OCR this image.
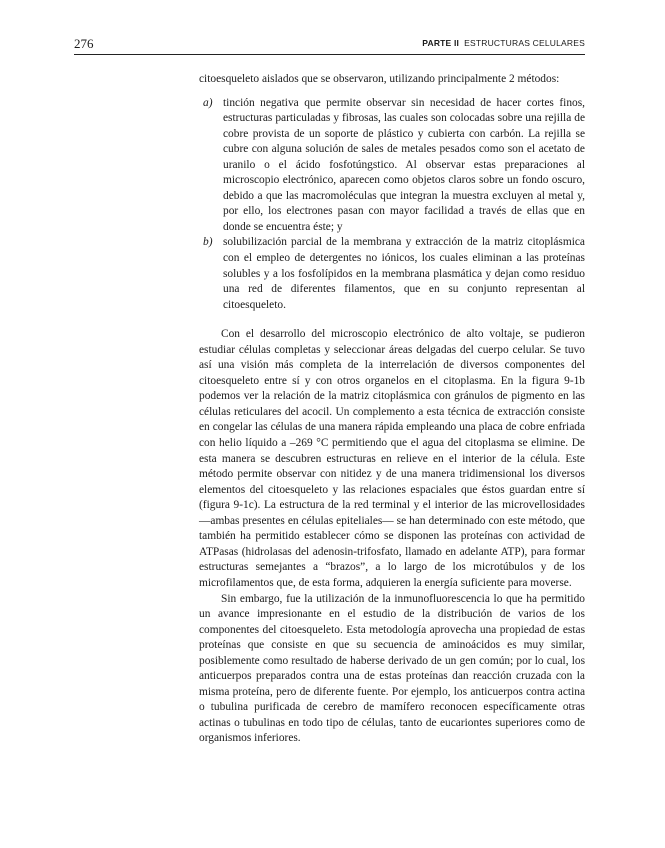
276	PARTE II ESTRUCTURAS CELULARES

citoesqueleto aislados que se observaron, utilizando principalmente 2 métodos:

a) tinción negativa que permite observar sin necesidad de hacer cortes finos, estructuras particuladas y fibrosas, las cuales son colocadas sobre una rejilla de cobre provista de un soporte de plástico y cubierta con carbón. La rejilla se cubre con alguna solución de sales de metales pesados como son el acetato de uranilo o el ácido fosfotúngstico. Al observar estas preparaciones al microscopio electrónico, aparecen como objetos claros sobre un fondo oscuro, debido a que las macromoléculas que integran la muestra excluyen al metal y, por ello, los electrones pasan con mayor facilidad a través de ellas que en donde se encuentra éste; y
b) solubilización parcial de la membrana y extracción de la matriz citoplásmica con el empleo de detergentes no iónicos, los cuales eliminan a las proteínas solubles y a los fosfolípidos en la membrana plasmática y dejan como residuo una red de diferentes filamentos, que en su conjunto representan al citoesqueleto.

Con el desarrollo del microscopio electrónico de alto voltaje, se pudieron estudiar células completas y seleccionar áreas delgadas del cuerpo celular. Se tuvo así una visión más completa de la interrelación de diversos componentes del citoesqueleto entre sí y con otros organelos en el citoplasma. En la figura 9-1b podemos ver la relación de la matriz citoplásmica con gránulos de pigmento en las células reticulares del acocil. Un complemento a esta técnica de extracción consiste en congelar las células de una manera rápida empleando una placa de cobre enfriada con helio líquido a –269 °C permitiendo que el agua del citoplasma se elimine. De esta manera se descubren estructuras en relieve en el interior de la célula. Este método permite observar con nitidez y de una manera tridimensional los diversos elementos del citoesqueleto y las relaciones espaciales que éstos guardan entre sí (figura 9-1c). La estructura de la red terminal y el interior de las microvellosidades —ambas presentes en células epiteliales— se han determinado con este método, que también ha permitido establecer cómo se disponen las proteínas con actividad de ATPasas (hidrolasas del adenosin-trifosfato, llamado en adelante ATP), para formar estructuras semejantes a “brazos”, a lo largo de los microtúbulos y de los microfilamentos que, de esta forma, adquieren la energía suficiente para moverse.

Sin embargo, fue la utilización de la inmunofluorescencia lo que ha permitido un avance impresionante en el estudio de la distribución de varios de los componentes del citoesqueleto. Esta metodología aprovecha una propiedad de estas proteínas que consiste en que su secuencia de aminoácidos es muy similar, posiblemente como resultado de haberse derivado de un gen común; por lo cual, los anticuerpos preparados contra una de estas proteínas dan reacción cruzada con la misma proteína, pero de diferente fuente. Por ejemplo, los anticuerpos contra actina o tubulina purificada de cerebro de mamífero reconocen específicamente otras actinas o tubulinas en todo tipo de células, tanto de eucariontes superiores como de organismos inferiores.
